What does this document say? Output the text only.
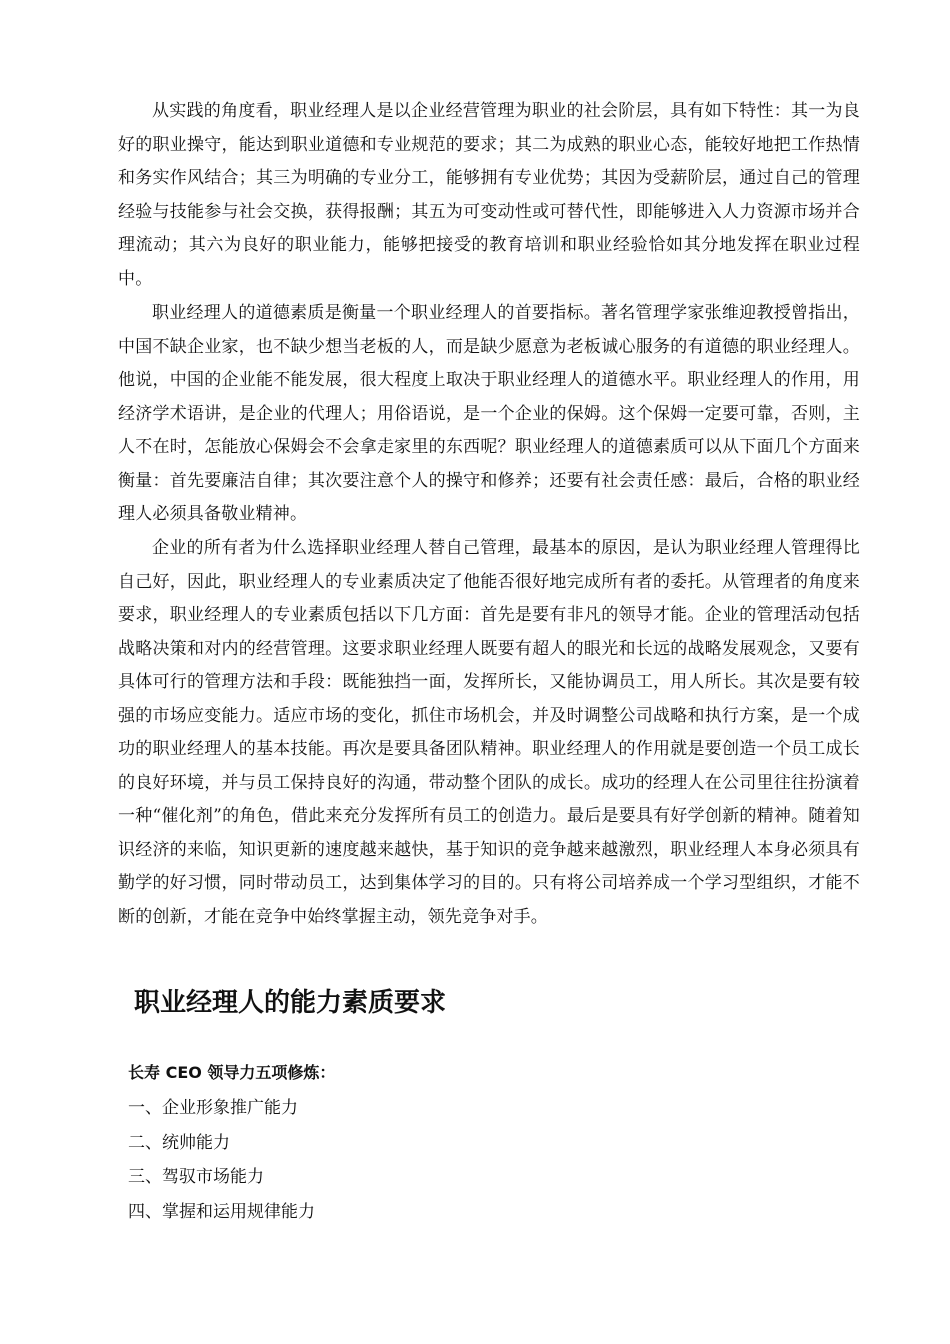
从实践的角度看，职业经理人是以企业经营管理为职业的社会阶层，具有如下特性：其一为良好的职业操守，能达到职业道德和专业规范的要求；其二为成熟的职业心态，能较好地把工作热情和务实作风结合；其三为明确的专业分工，能够拥有专业优势；其因为受薪阶层，通过自己的管理经验与技能参与社会交换，获得报酬；其五为可变动性或可替代性，即能够进入人力资源市场并合理流动；其六为良好的职业能力，能够把接受的教育培训和职业经验恰如其分地发挥在职业过程中。

职业经理人的道德素质是衡量一个职业经理人的首要指标。著名管理学家张维迎教授曾指出，中国不缺企业家，也不缺少想当老板的人，而是缺少愿意为老板诚心服务的有道德的职业经理人。他说，中国的企业能不能发展，很大程度上取决于职业经理人的道德水平。职业经理人的作用，用经济学术语讲，是企业的代理人；用俗语说，是一个企业的保姆。这个保姆一定要可靠，否则，主人不在时，怎能放心保姆会不会拿走家里的东西呢？职业经理人的道德素质可以从下面几个方面来衡量：首先要廉洁自律；其次要注意个人的操守和修养；还要有社会责任感：最后，合格的职业经理人必须具备敬业精神。

企业的所有者为什么选择职业经理人替自己管理，最基本的原因，是认为职业经理人管理得比自己好，因此，职业经理人的专业素质决定了他能否很好地完成所有者的委托。从管理者的角度来要求，职业经理人的专业素质包括以下几方面：首先是要有非凡的领导才能。企业的管理活动包括战略决策和对内的经营管理。这要求职业经理人既要有超人的眼光和长远的战略发展观念，又要有具体可行的管理方法和手段：既能独挡一面，发挥所长，又能协调员工，用人所长。其次是要有较强的市场应变能力。适应市场的变化，抓住市场机会，并及时调整公司战略和执行方案，是一个成功的职业经理人的基本技能。再次是要具备团队精神。职业经理人的作用就是要创造一个员工成长的良好环境，并与员工保持良好的沟通，带动整个团队的成长。成功的经理人在公司里往往扮演着一种“催化剂”的角色，借此来充分发挥所有员工的创造力。最后是要具有好学创新的精神。随着知识经济的来临，知识更新的速度越来越快，基于知识的竞争越来越激烈，职业经理人本身必须具有勤学的好习惯，同时带动员工，达到集体学习的目的。只有将公司培养成一个学习型组织，才能不断的创新，才能在竞争中始终掌握主动，领先竞争对手。

职业经理人的能力素质要求
长寿 CEO 领导力五项修炼：
一、企业形象推广能力
二、统帅能力
三、驾驭市场能力
四、掌握和运用规律能力
